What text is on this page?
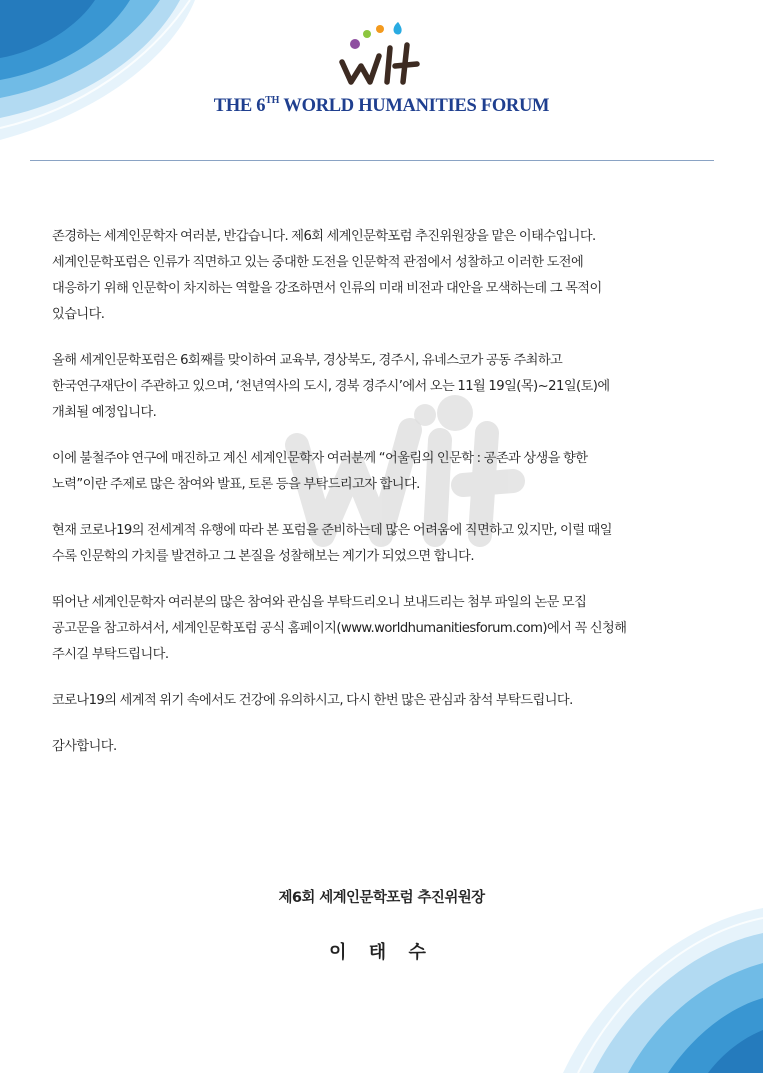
WHF
THE 6TH WORLD HUMANITIES FORUM

존경하는 세계인문학자 여러분, 반갑습니다. 제6회 세계인문학포럼 추진위원장을 맡은 이태수입니다.
세계인문학포럼은 인류가 직면하고 있는 중대한 도전을 인문학적 관점에서 성찰하고 이러한 도전에
대응하기 위해 인문학이 차지하는 역할을 강조하면서 인류의 미래 비전과 대안을 모색하는데 그 목적이
있습니다.

올해 세계인문학포럼은 6회째를 맞이하여 교육부, 경상북도, 경주시, 유네스코가 공동 주최하고
한국연구재단이 주관하고 있으며, ‘천년역사의 도시, 경북 경주시’에서 오는 11월 19일(목)~21일(토)에
개최될 예정입니다.

이에 불철주야 연구에 매진하고 계신 세계인문학자 여러분께 “어울림의 인문학 : 공존과 상생을 향한
노력”이란 주제로 많은 참여와 발표, 토론 등을 부탁드리고자 합니다.

현재 코로나19의 전세계적 유행에 따라 본 포럼을 준비하는데 많은 어려움에 직면하고 있지만, 이럴 때일
수록 인문학의 가치를 발견하고 그 본질을 성찰해보는 계기가 되었으면 합니다.

뛰어난 세계인문학자 여러분의 많은 참여와 관심을 부탁드리오니 보내드리는 첨부 파일의 논문 모집
공고문을 참고하셔서, 세계인문학포럼 공식 홈페이지(www.worldhumanitiesforum.com)에서 꼭 신청해
주시길 부탁드립니다.

코로나19의 세계적 위기 속에서도 건강에 유의하시고, 다시 한번 많은 관심과 참석 부탁드립니다.

감사합니다.

제6회 세계인문학포럼 추진위원장
이 태 수
